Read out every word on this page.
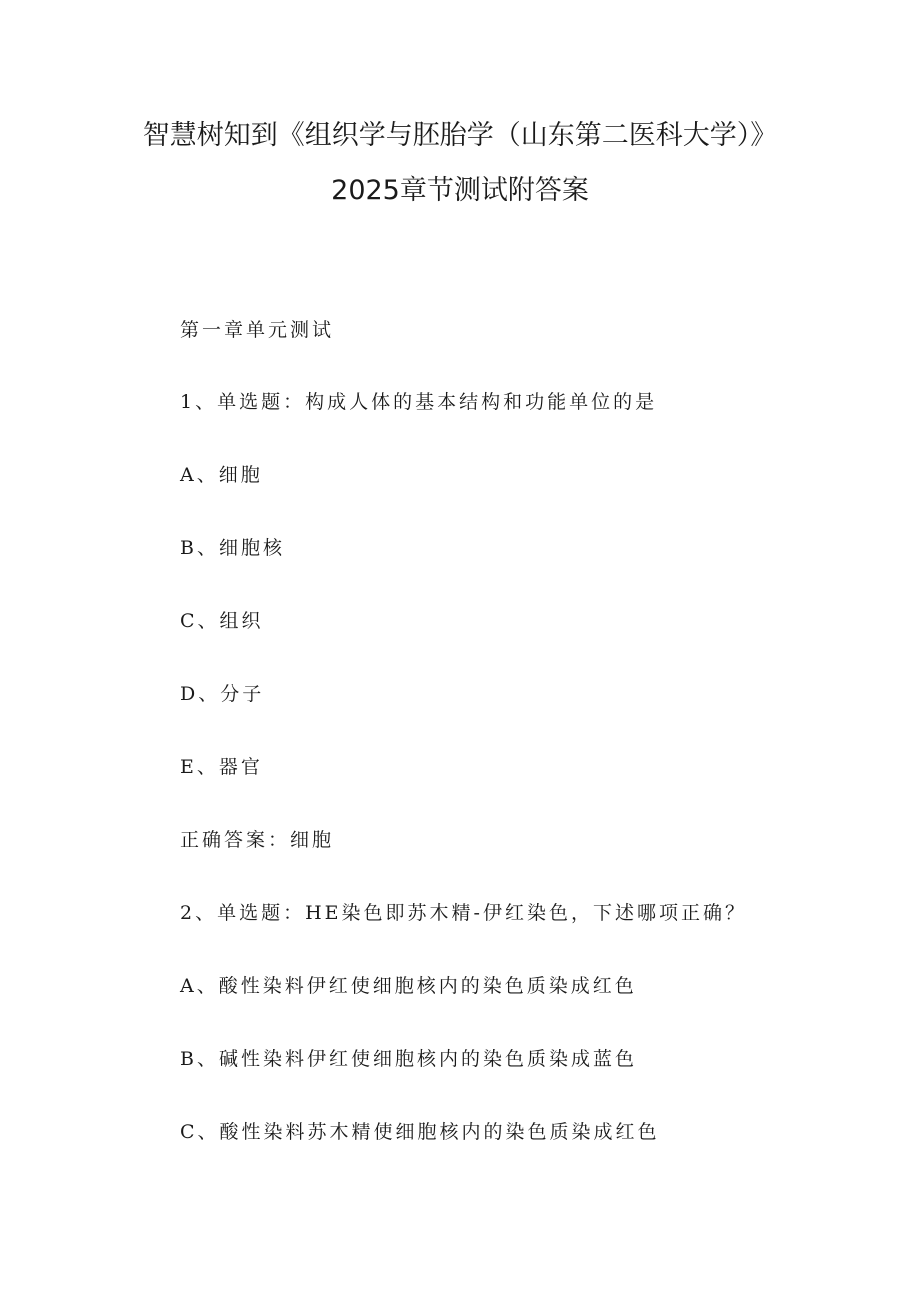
智慧树知到《组织学与胚胎学（山东第二医科大学）》
2025章节测试附答案
第一章单元测试
1、单选题：构成人体的基本结构和功能单位的是
A、细胞
B、细胞核
C、组织
D、分子
E、器官
正确答案：细胞
2、单选题：HE染色即苏木精-伊红染色，下述哪项正确？
A、酸性染料伊红使细胞核内的染色质染成红色
B、碱性染料伊红使细胞核内的染色质染成蓝色
C、酸性染料苏木精使细胞核内的染色质染成红色
